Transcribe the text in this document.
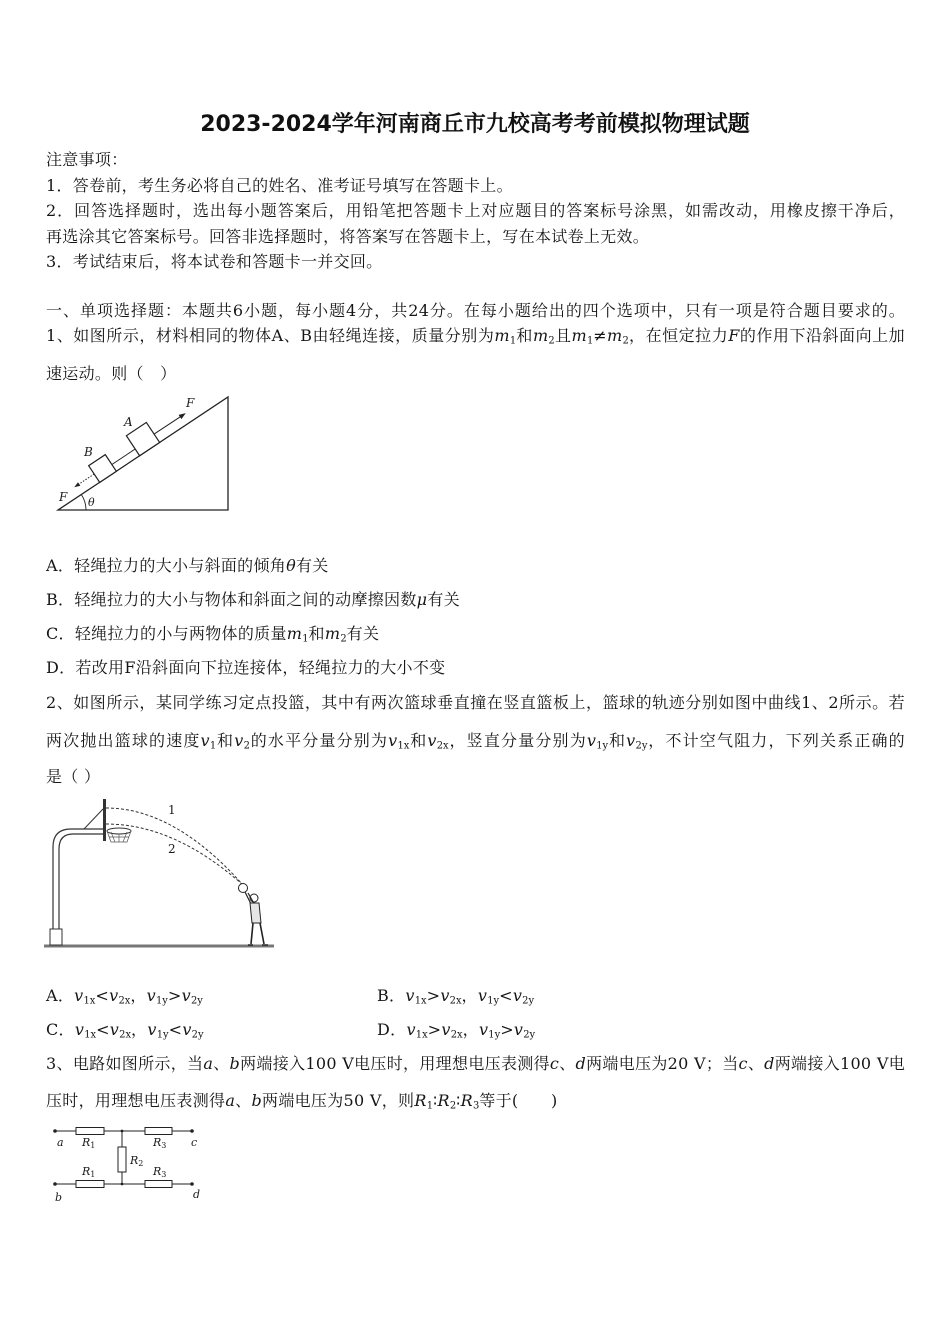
2023-2024学年河南商丘市九校高考考前模拟物理试题
注意事项：
1．答卷前，考生务必将自己的姓名、准考证号填写在答题卡上。
2．回答选择题时，选出每小题答案后，用铅笔把答题卡上对应题目的答案标号涂黑，如需改动，用橡皮擦干净后，
再选涂其它答案标号。回答非选择题时，将答案写在答题卡上，写在本试卷上无效。
3．考试结束后，将本试卷和答题卡一并交回。
一、单项选择题：本题共6小题，每小题4分，共24分。在每小题给出的四个选项中，只有一项是符合题目要求的。
1、如图所示，材料相同的物体A、B由轻绳连接，质量分别为$m_1$和$m_2$且$m_1\ne m_2$，在恒定拉力F的作用下沿斜面向上加
速运动。则（　）
θ
F
F
B
A
A．轻绳拉力的大小与斜面的倾角θ有关
B．轻绳拉力的大小与物体和斜面之间的动摩擦因数μ有关
C．轻绳拉力的小与两物体的质量$m_1$和$m_2$有关
D．若改用F沿斜面向下拉连接体，轻绳拉力的大小不变
2、如图所示，某同学练习定点投篮，其中有两次篮球垂直撞在竖直篮板上，篮球的轨迹分别如图中曲线1、2所示。若
两次抛出篮球的速度$v_1$和$v_2$的水平分量分别为$v_{1x}$和$v_{2x}$，竖直分量分别为$v_{1y}$和$v_{2y}$，不计空气阻力，下列关系正确的
是（ ）
1
2
A．$v_{1x}<v_{2x}$，$v_{1y}>v_{2y}$	B．$v_{1x}>v_{2x}$，$v_{1y}<v_{2y}$
C．$v_{1x}<v_{2x}$，$v_{1y}<v_{2y}$	D．$v_{1x}>v_{2x}$，$v_{1y}>v_{2y}$
3、电路如图所示，当a、b两端接入100 V电压时，用理想电压表测得c、d两端电压为20 V；当c、d两端接入100 V电
压时，用理想电压表测得a、b两端电压为50 V，则$R_1∶R_2∶R_3$等于(　　)
a	c
b	d
R1	R3
R2
R1	R3
